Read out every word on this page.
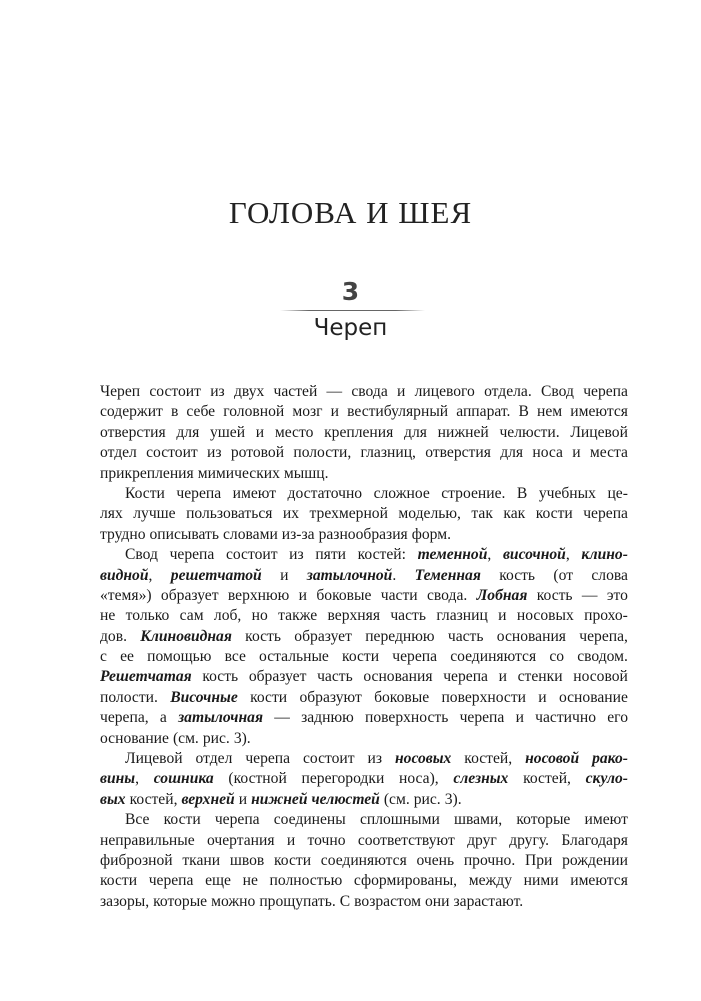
ГОЛОВА И ШЕЯ
3
Череп
Череп состоит из двух частей — свода и лицевого отдела. Свод черепа
содержит в себе головной мозг и вестибулярный аппарат. В нем имеются
отверстия для ушей и место крепления для нижней челюсти. Лицевой
отдел состоит из ротовой полости, глазниц, отверстия для носа и места
прикрепления мимических мышц.
Кости черепа имеют достаточно сложное строение. В учебных це-
лях лучше пользоваться их трехмерной моделью, так как кости черепа
трудно описывать словами из-за разнообразия форм.
Свод черепа состоит из пяти костей: теменной, височной, клино-
видной, решетчатой и затылочной. Теменная кость (от слова
«темя») образует верхнюю и боковые части свода. Лобная кость — это
не только сам лоб, но также верхняя часть глазниц и носовых прохо-
дов. Клиновидная кость образует переднюю часть основания черепа,
с ее помощью все остальные кости черепа соединяются со сводом.
Решетчатая кость образует часть основания черепа и стенки носовой
полости. Височные кости образуют боковые поверхности и основание
черепа, а затылочная — заднюю поверхность черепа и частично его
основание (см. рис. 3).
Лицевой отдел черепа состоит из носовых костей, носовой рако-
вины, сошника (костной перегородки носа), слезных костей, скуло-
вых костей, верхней и нижней челюстей (см. рис. 3).
Все кости черепа соединены сплошными швами, которые имеют
неправильные очертания и точно соответствуют друг другу. Благодаря
фиброзной ткани швов кости соединяются очень прочно. При рождении
кости черепа еще не полностью сформированы, между ними имеются
зазоры, которые можно прощупать. С возрастом они зарастают.
